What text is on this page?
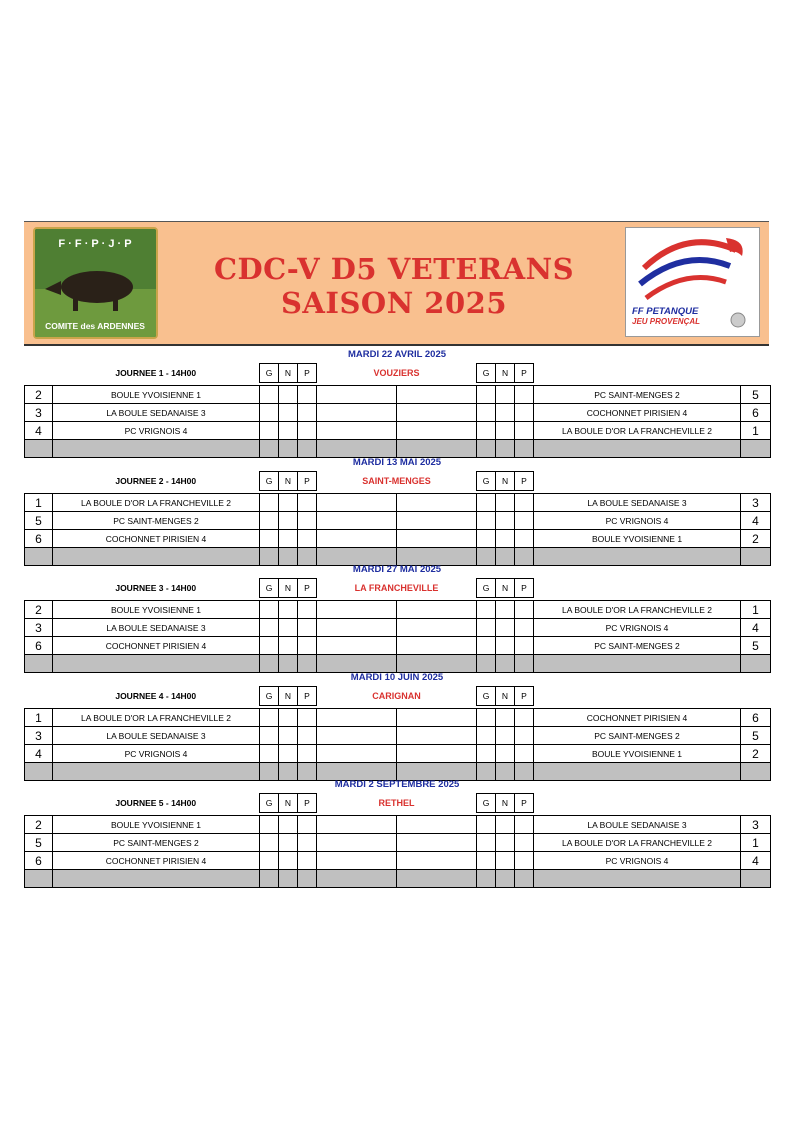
F · F · P · J · P
COMITE des ARDENNES
CDC-V D5 VETERANS
SAISON 2025	FF PETANQUE
JEU PROVENÇAL
MARDI 22 AVRIL 2025
	JOURNEE 1 - 14H00	G	N	P	VOUZIERS		G	N	P		

2	BOULE YVOISIENNE 1									PC SAINT-MENGES 2	5
3	LA BOULE SEDANAISE 3									COCHONNET PIRISIEN 4	6
4	PC VRIGNOIS 4									LA BOULE D'OR LA FRANCHEVILLE 2	1

MARDI 13 MAI 2025
	JOURNEE 2 - 14H00	G	N	P	SAINT-MENGES		G	N	P		

1	LA BOULE D'OR LA FRANCHEVILLE 2									LA BOULE SEDANAISE 3	3
5	PC SAINT-MENGES 2									PC VRIGNOIS 4	4
6	COCHONNET PIRISIEN 4									BOULE YVOISIENNE 1	2

MARDI 27 MAI 2025
	JOURNEE 3 - 14H00	G	N	P	LA FRANCHEVILLE		G	N	P		

2	BOULE YVOISIENNE 1									LA BOULE D'OR LA FRANCHEVILLE 2	1
3	LA BOULE SEDANAISE 3									PC VRIGNOIS 4	4
6	COCHONNET PIRISIEN 4									PC SAINT-MENGES 2	5

MARDI 10 JUIN 2025
	JOURNEE 4 - 14H00	G	N	P	CARIGNAN		G	N	P		

1	LA BOULE D'OR LA FRANCHEVILLE 2									COCHONNET PIRISIEN 4	6
3	LA BOULE SEDANAISE 3									PC SAINT-MENGES 2	5
4	PC VRIGNOIS 4									BOULE YVOISIENNE 1	2

MARDI 2 SEPTEMBRE 2025
	JOURNEE 5 - 14H00	G	N	P	RETHEL		G	N	P		

2	BOULE YVOISIENNE 1									LA BOULE SEDANAISE 3	3
5	PC SAINT-MENGES 2									LA BOULE D'OR LA FRANCHEVILLE 2	1
6	COCHONNET PIRISIEN 4									PC VRIGNOIS 4	4
